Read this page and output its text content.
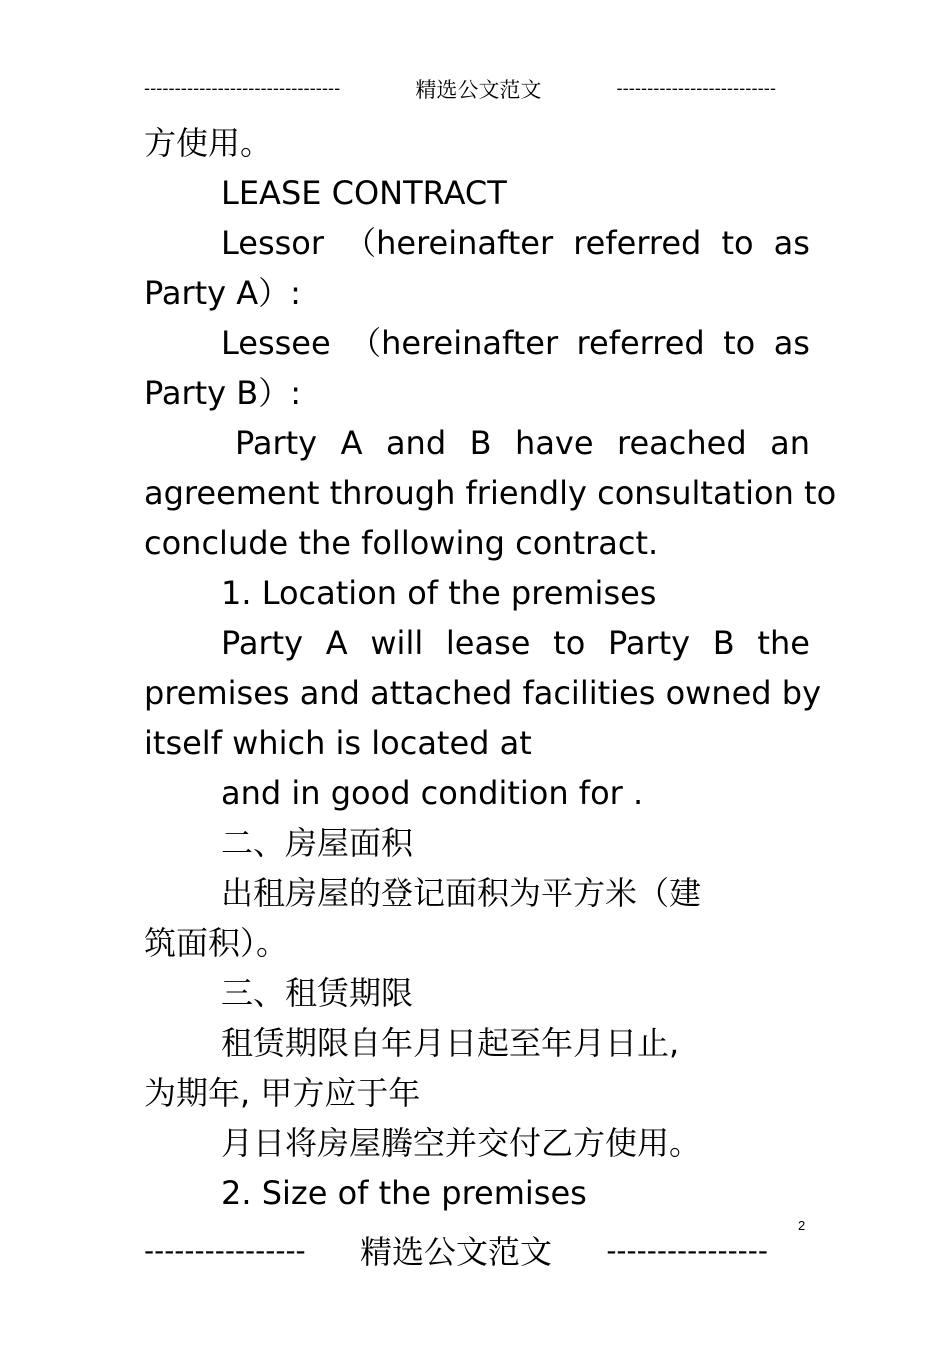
--------------------------------	精选公文范文	--------------------------
方使用。
LEASE CONTRACT
Lessor （hereinafter referred to as
Party A）:
Lessee （hereinafter referred to as
Party B）:
Party A and B have reached an
agreement through friendly consultation to
conclude the following contract.
1. Location of the premises
Party A will lease to Party B the
premises and attached facilities owned by
itself which is located at
and in good condition for .
二、房屋面积
出租房屋的登记面积为平方米（建
筑面积）。
三、租赁期限
租赁期限自年月日起至年月日止,
为期年, 甲方应于年
月日将房屋腾空并交付乙方使用。
2. Size of the premises
2
---------------- 精选公文范文 ----------------
